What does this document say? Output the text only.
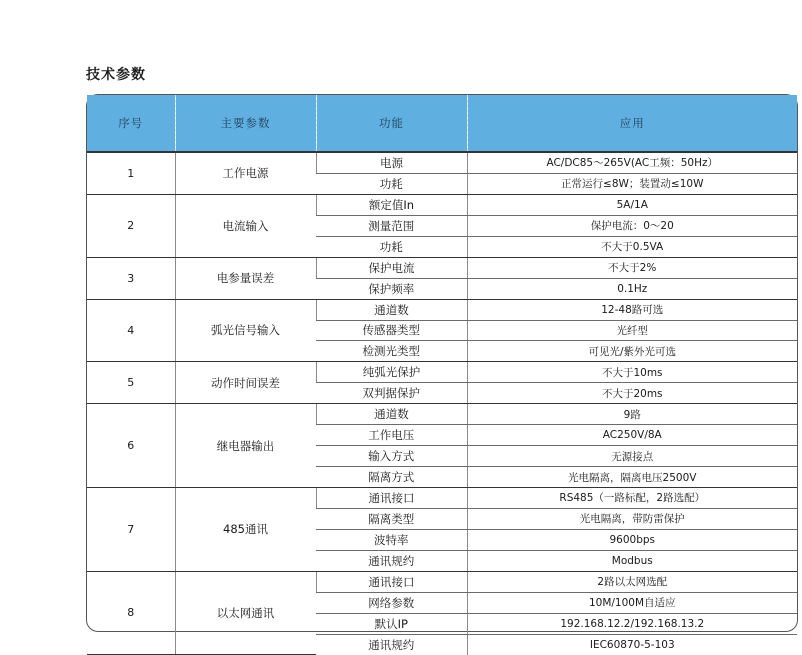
技术参数
序号	主要参数	功能	应用
1	工作电源	电源	AC/DC85～265V(AC工频：50Hz）
		功耗	正常运行≤8W；装置动≤10W
2	电流输入	额定值In	5A/1A
		测量范围	保护电流：0～20
		功耗	不大于0.5VA
3	电参量误差	保护电流	不大于2%
		保护频率	0.1Hz
4	弧光信号输入	通道数	12-48路可选
		传感器类型	光纤型
		检测光类型	可见光/紫外光可选
5	动作时间误差	纯弧光保护	不大于10ms
		双判据保护	不大于20ms
6	继电器输出	通道数	9路
		工作电压	AC250V/8A
		输入方式	无源接点
		隔离方式	光电隔离，隔离电压2500V
7	485通讯	通讯接口	RS485（一路标配，2路选配）
		隔离类型	光电隔离，带防雷保护
		波特率	9600bps
		通讯规约	Modbus
8	以太网通讯	通讯接口	2路以太网选配
		网络参数	10M/100M自适应
		默认IP	192.168.12.2/192.168.13.2
		通讯规约	IEC60870-5-103
